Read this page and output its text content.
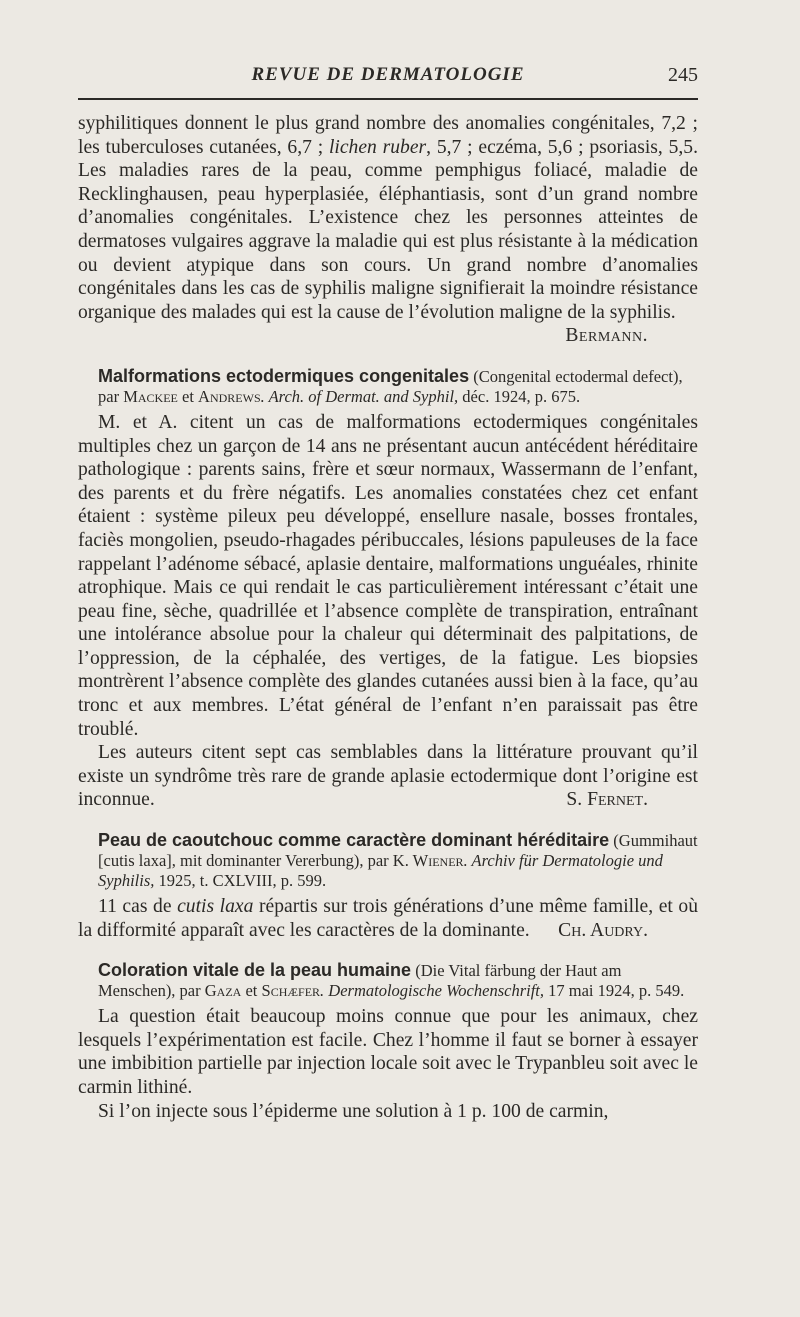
REVUE DE DERMATOLOGIE	245

syphilitiques donnent le plus grand nombre des anomalies congénitales, 7,2 ; les tuberculoses cutanées, 6,7 ; lichen ruber, 5,7 ; eczéma, 5,6 ; psoriasis, 5,5. Les maladies rares de la peau, comme pemphigus foliacé, maladie de Recklinghausen, peau hyperplasiée, éléphantiasis, sont d’un grand nombre d’anomalies congénitales. L’existence chez les personnes atteintes de dermatoses vulgaires aggrave la maladie qui est plus résistante à la médication ou devient atypique dans son cours. Un grand nombre d’anomalies congénitales dans les cas de syphilis maligne signifierait la moindre résistance organique des malades qui est la cause de l’évolution maligne de la syphilis.

Bermann.

Malformations ectodermiques congenitales (Congenital ectodermal defect), par Mackee et Andrews. Arch. of Dermat. and Syphil, déc. 1924, p. 675.

M. et A. citent un cas de malformations ectodermiques congénitales multiples chez un garçon de 14 ans ne présentant aucun antécédent héréditaire pathologique : parents sains, frère et sœur normaux, Wassermann de l’enfant, des parents et du frère négatifs. Les anomalies constatées chez cet enfant étaient : système pileux peu développé, ensellure nasale, bosses frontales, faciès mongolien, pseudo-rhagades péribuccales, lésions papuleuses de la face rappelant l’adénome sébacé, aplasie dentaire, malformations unguéales, rhinite atrophique. Mais ce qui rendait le cas particulièrement intéressant c’était une peau fine, sèche, quadrillée et l’absence complète de transpiration, entraînant une intolérance absolue pour la chaleur qui déterminait des palpitations, de l’oppression, de la céphalée, des vertiges, de la fatigue. Les biopsies montrèrent l’absence complète des glandes cutanées aussi bien à la face, qu’au tronc et aux membres. L’état général de l’enfant n’en paraissait pas être troublé.

Les auteurs citent sept cas semblables dans la littérature prouvant qu’il existe un syndrôme très rare de grande aplasie ectodermique dont l’origine est inconnue.	S. Fernet.

Peau de caoutchouc comme caractère dominant héréditaire (Gummihaut [cutis laxa], mit dominanter Vererbung), par K. Wiener. Archiv für Dermatologie und Syphilis, 1925, t. CXLVIII, p. 599.

11 cas de cutis laxa répartis sur trois générations d’une même famille, et où la difformité apparaît avec les caractères de la dominante.	Ch. Audry.

Coloration vitale de la peau humaine (Die Vital färbung der Haut am Menschen), par Gaza et Schæfer. Dermatologische Wochenschrift, 17 mai 1924, p. 549.

La question était beaucoup moins connue que pour les animaux, chez lesquels l’expérimentation est facile. Chez l’homme il faut se borner à essayer une imbibition partielle par injection locale soit avec le Trypanbleu soit avec le carmin lithiné.

Si l’on injecte sous l’épiderme une solution à 1 p. 100 de carmin,
